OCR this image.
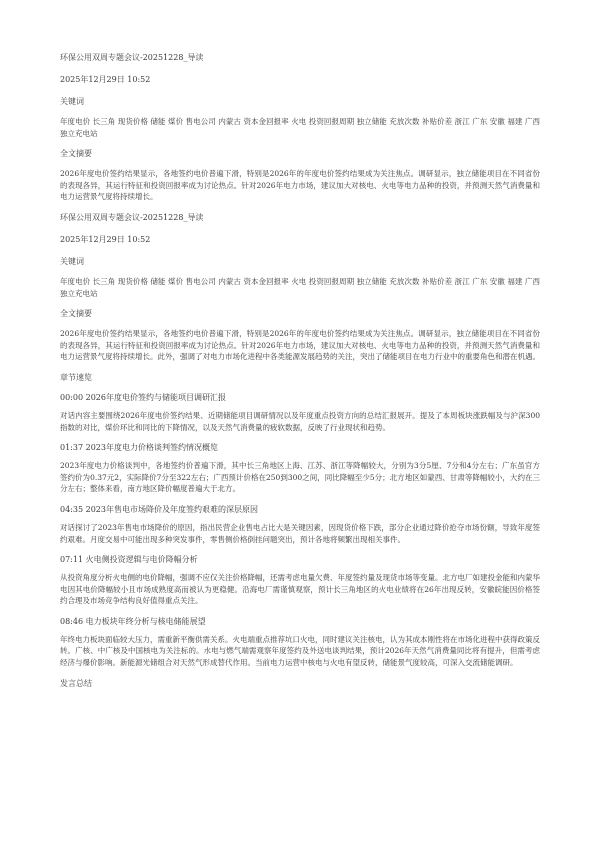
环保公用双周专题会议-20251228_导读
2025年12月29日 10:52
关键词
年度电价 长三角 现货价格 储能 煤价 售电公司 内蒙古 资本金回报率 火电 投资回报周期 独立储能 充放次数 补贴价差 浙江 广东 安徽 福建 广西 独立充电站
全文摘要
2026年度电价签约结果显示，各地签约电价普遍下滑，特别是2026年的年度电价签约结果成为关注焦点。调研显示，独立储能项目在不同省份的表现各异，其运行特征和投资回报率成为讨论热点。针对2026年电力市场，建议加大对核电、火电等电力品种的投资，并预测天然气消费量和电力运营景气度将持续增长。
环保公用双周专题会议-20251228_导读
2025年12月29日 10:52
关键词
年度电价 长三角 现货价格 储能 煤价 售电公司 内蒙古 资本金回报率 火电 投资回报周期 独立储能 充放次数 补贴价差 浙江 广东 安徽 福建 广西 独立充电站
全文摘要
2026年度电价签约结果显示，各地签约电价普遍下滑，特别是2026年的年度电价签约结果成为关注焦点。调研显示，独立储能项目在不同省份的表现各异，其运行特征和投资回报率成为讨论热点。针对2026年电力市场，建议加大对核电、火电等电力品种的投资，并预测天然气消费量和电力运营景气度将持续增长。此外，强调了对电力市场化进程中各类能源发展趋势的关注，突出了储能项目在电力行业中的重要角色和潜在机遇。
章节速览
00:00 2026年度电价签约与储能项目调研汇报
对话内容主要围绕2026年度电价签约结果、近期储能项目调研情况以及年度重点投资方向的总结汇报展开。提及了本周板块涨跌幅及与沪深300指数的对比，煤价环比和同比的下降情况，以及天然气消费量的疲软数据，反映了行业现状和趋势。
01:37 2023年度电力价格谈判签约情况概览
2023年度电力价格谈判中，各地签约价普遍下滑，其中长三角地区上海、江苏、浙江等降幅较大，分别为3分5厘、7分和4分左右；广东虽官方签约价为0.37元2，实际降价7分至322左右；广西预计价格在250到300之间，同比降幅至少5分；北方地区如蒙西、甘肃等降幅较小，大约在三分左右；整体来看，南方地区降价幅度普遍大于北方。
04:35 2023年售电市场降价及年度签约艰难的深层原因
对话探讨了2023年售电市场降价的原因，指出民营企业售电占比大是关键因素，因现货价格下跌，部分企业通过降价抢夺市场份额，导致年度签约艰难。月度交易中可能出现多种突发事件，零售侧价格倒挂问题突出，预计各地将频繁出现相关事件。
07:11 火电侧投资逻辑与电价降幅分析
从投资角度分析火电侧的电价降幅，强调不应仅关注价格降幅，还需考虑电量欠费、年度签约量及现货市场等变量。北方电厂如建投金能和内蒙华电因其电价降幅较小且市场成熟度高而被认为更稳健。沿海电厂需谨慎观察，预计长三角地区的火电业绩将在26年出现反转，安徽皖能因价格签约合理及市场竞争结构良好值得重点关注。
08:46 电力板块年终分析与核电储能展望
年终电力板块面临较大压力，需重新平衡供需关系。火电端重点推荐坑口火电，同时建议关注核电，认为其成本刚性将在市场化进程中获得政策反转。广核、中广核及中国核电为关注标的。水电与燃气端需观察年度签约及外送电谈判结果，预计2026年天然气消费量同比将有提升，但需考虑经济与爆价影响。新能源光储组合对天然气形成替代作用。当前电力运营中核电与火电有望反转，储能景气度较高，可深入交流储能调研。
发言总结
